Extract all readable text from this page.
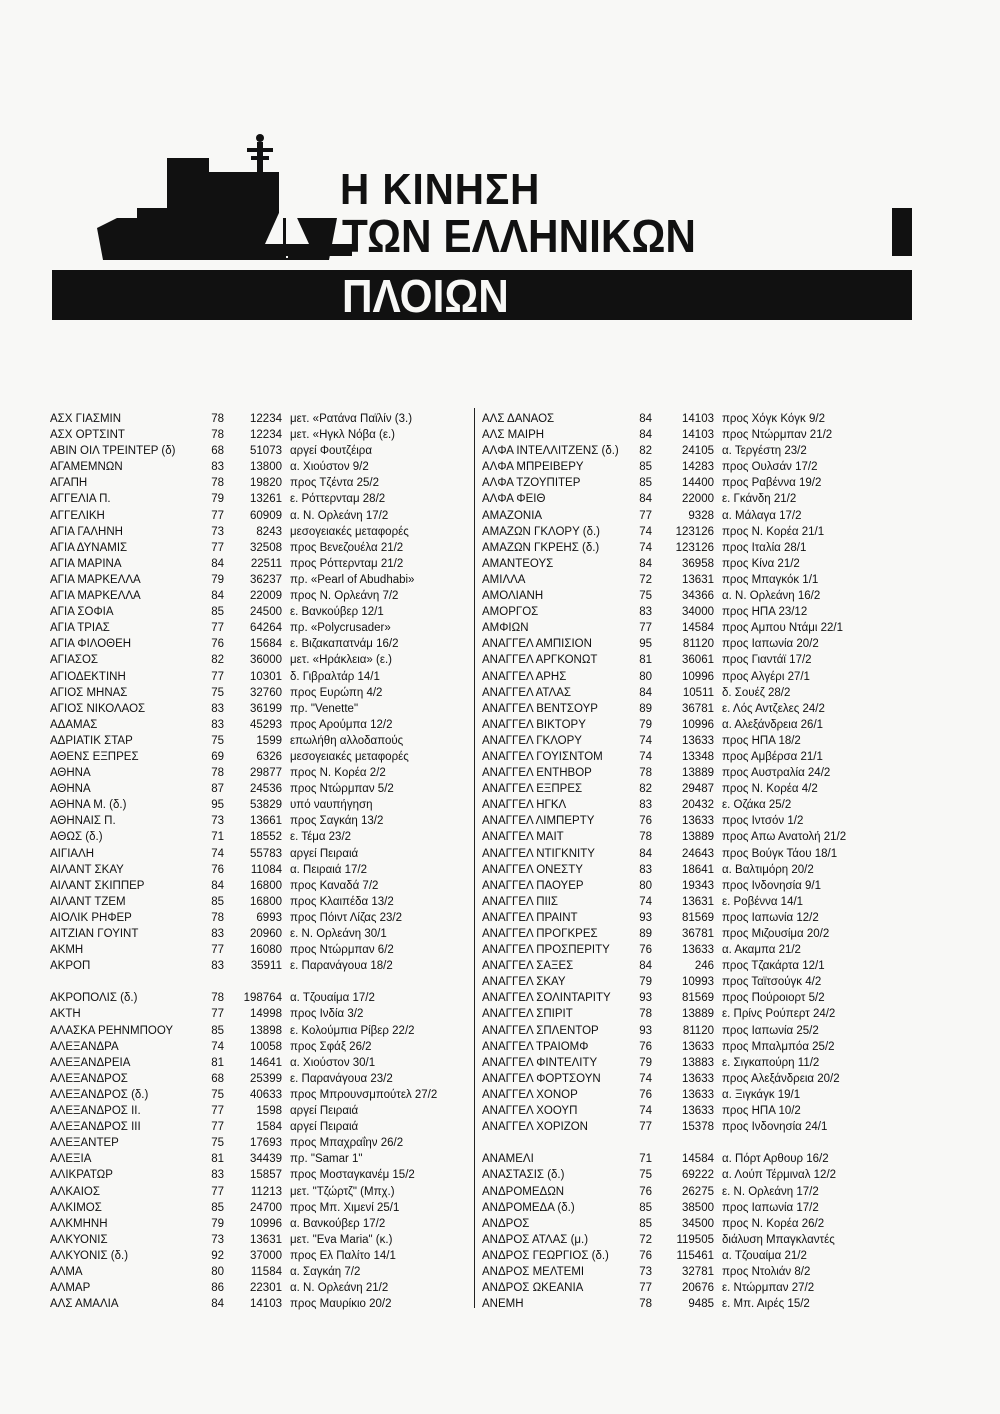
Η ΚΙΝΗΣΗ
ΤΩΝ ΕΛΛΗΝΙΚΩΝ
ΠΛΟΙΩΝ
ΑΣΧ ΓΙΑΣΜΙΝ	78	12234 μετ. «Ρατάνα Παϊλίν (3.)
ΑΣΧ ΟΡΤΣΙΝΤ	78	12234 μετ. «Ηγκλ Νόβα (ε.)
ΑΒΙΝ ΟΙΛ ΤΡΕΙΝΤΕΡ (δ)	68	51073 αργεί Φουτζέιρα
ΑΓΑΜΕΜΝΩΝ	83	13800 α. Χιούστον 9/2
ΑΓΑΠΗ	78	19820 προς Τζέντα 25/2
ΑΓΓΕΛΙΑ Π.	79	13261 ε. Ρόττερνταμ 28/2
ΑΓΓΕΛΙΚΗ	77	60909 α. Ν. Ορλεάνη 17/2
ΑΓΙΑ ΓΑΛΗΝΗ	73	8243 μεσογειακές μεταφορές
ΑΓΙΑ ΔΥΝΑΜΙΣ	77	32508 προς Βενεζουέλα 21/2
ΑΓΙΑ ΜΑΡΙΝΑ	84	22511 προς Ρόττερνταμ 21/2
ΑΓΙΑ ΜΑΡΚΕΛΛΑ	79	36237 πρ. «Pearl of Abudhabi»
ΑΓΙΑ ΜΑΡΚΕΛΛΑ	84	22009 προς Ν. Ορλεάνη 7/2
ΑΓΙΑ ΣΟΦΙΑ	85	24500 ε. Βανκούβερ 12/1
ΑΓΙΑ ΤΡΙΑΣ	77	64264 πρ. «Polycrusader»
ΑΓΙΑ ΦΙΛΟΘΕΗ	76	15684 ε. Βιζακαπατνάμ 16/2
ΑΓΙΑΣΟΣ	82	36000 μετ. «Ηράκλεια» (ε.)
ΑΓΙΟΔΕΚΤΙΝΗ	77	10301 δ. Γιβραλτάρ 14/1
ΑΓΙΟΣ ΜΗΝΑΣ	75	32760 προς Ευρώπη 4/2
ΑΓΙΟΣ ΝΙΚΟΛΑΟΣ	83	36199 πρ. "Venette"
ΑΔΑΜΑΣ	83	45293 προς Αρούμπα 12/2
ΑΔΡΙΑΤΙΚ ΣΤΑΡ	75	1599 επωλήθη αλλοδαπούς
ΑΘΕΝΣ ΕΞΠΡΕΣ	69	6326 μεσογειακές μεταφορές
ΑΘΗΝΑ	78	29877 προς Ν. Κορέα 2/2
ΑΘΗΝΑ	87	24536 προς Ντώρμπαν 5/2
ΑΘΗΝΑ Μ. (δ.)	95	53829 υπό ναυπήγηση
ΑΘΗΝΑΙΣ Π.	73	13661 προς Σαγκάη 13/2
ΑΘΩΣ (δ.)	71	18552 ε. Τέμα 23/2
ΑΙΓΙΑΛΗ	74	55783 αργεί Πειραιά
ΑΙΛΑΝΤ ΣΚΑΥ	76	11084 α. Πειραιά 17/2
ΑΙΛΑΝΤ ΣΚΙΠΠΕΡ	84	16800 προς Καναδά 7/2
ΑΙΛΑΝΤ ΤΖΕΜ	85	16800 προς Κλαιπέδα 13/2
ΑΙΟΛΙΚ ΡΗΦΕΡ	78	6993 προς Πόιντ Λίζας 23/2
ΑΙΤΖΙΑΝ ΓΟΥΙΝΤ	83	20960 ε. Ν. Ορλεάνη 30/1
ΑΚΜΗ	77	16080 προς Ντώρμπαν 6/2
ΑΚΡΟΠ	83	35911 ε. Παρανάγουα 18/2
ΑΚΡΟΠΟΛΙΣ (δ.)	78	198764 α. Τζουαίμα 17/2
ΑΚΤΗ	77	14998 προς Ινδία 3/2
ΑΛΑΣΚΑ ΡΕΗΝΜΠΟΟΥ	85	13898 ε. Κολούμπια Ρίβερ 22/2
ΑΛΕΞΑΝΔΡΑ	74	10058 προς Σφάξ 26/2
ΑΛΕΞΑΝΔΡΕΙΑ	81	14641 α. Χιούστον 30/1
ΑΛΕΞΑΝΔΡΟΣ	68	25399 ε. Παρανάγουα 23/2
ΑΛΕΞΑΝΔΡΟΣ (δ.)	75	40633 προς Μπρουνσμπούτελ 27/2
ΑΛΕΞΑΝΔΡΟΣ ΙΙ.	77	1598 αργεί Πειραιά
ΑΛΕΞΑΝΔΡΟΣ ΙΙΙ	77	1584 αργεί Πειραιά
ΑΛΕΞΑΝΤΕΡ	75	17693 προς Μπαχραΐην 26/2
ΑΛΕΞΙΑ	81	34439 πρ. "Samar 1"
ΑΛΙΚΡΑΤΩΡ	83	15857 προς Μοσταγκανέμ 15/2
ΑΛΚΑΙΟΣ	77	11213 μετ. "Τζώρτζ" (Μπχ.)
ΑΛΚΙΜΟΣ	85	24700 προς Μπ. Χιμενί 25/1
ΑΛΚΜΗΝΗ	79	10996 α. Βανκούβερ 17/2
ΑΛΚΥΟΝΙΣ	73	13631 μετ. "Eva Maria" (κ.)
ΑΛΚΥΟΝΙΣ (δ.)	92	37000 προς Ελ Παλίτο 14/1
ΑΛΜΑ	80	11584 α. Σαγκάη 7/2
ΑΛΜΑΡ	86	22301 α. Ν. Ορλεάνη 21/2
ΑΛΣ ΑΜΑΛΙΑ	84	14103 προς Μαυρίκιο 20/2
ΑΛΣ ΔΑΝΑΟΣ	84	14103 προς Χόγκ Κόγκ 9/2
ΑΛΣ ΜΑΙΡΗ	84	14103 προς Ντώρμπαν 21/2
ΑΛΦΑ ΙΝΤΕΛΛΙΤΖΕΝΣ (δ.)	82	24105 α. Τεργέστη 23/2
ΑΛΦΑ ΜΠΡΕΙΒΕΡΥ	85	14283 προς Ουλσάν 17/2
ΑΛΦΑ ΤΖΟΥΠΙΤΕΡ	85	14400 προς Ραβέννα 19/2
ΑΛΦΑ ΦΕΙΘ	84	22000 ε. Γκάνδη 21/2
ΑΜΑΖΟΝΙΑ	77	9328 α. Μάλαγα 17/2
ΑΜΑΖΩΝ ΓΚΛΟΡΥ (δ.)	74	123126 προς Ν. Κορέα 21/1
ΑΜΑΖΩΝ ΓΚΡΕΗΣ (δ.)	74	123126 προς Ιταλία 28/1
ΑΜΑΝΤΕΟΥΣ	84	36958 προς Κίνα 21/2
ΑΜΙΛΛΑ	72	13631 προς Μπαγκόκ 1/1
ΑΜΟΛΙΑΝΗ	75	34366 α. Ν. Ορλεάνη 16/2
ΑΜΟΡΓΟΣ	83	34000 προς ΗΠΑ 23/12
ΑΜΦΙΩΝ	77	14584 προς Αμπου Ντάμι 22/1
ΑΝΑΓΓΕΛ ΑΜΠΙΣΙΟΝ	95	81120 προς Ιαπωνία 20/2
ΑΝΑΓΓΕΛ ΑΡΓΚΟΝΩΤ	81	36061 προς Γιαντάϊ 17/2
ΑΝΑΓΓΕΛ ΑΡΗΣ	80	10996 προς Αλγέρι 27/1
ΑΝΑΓΓΕΛ ΑΤΛΑΣ	84	10511 δ. Σουέζ 28/2
ΑΝΑΓΓΕΛ ΒΕΝΤΣΟΥΡ	89	36781 ε. Λός Αντζελες 24/2
ΑΝΑΓΓΕΛ ΒΙΚΤΟΡΥ	79	10996 α. Αλεξάνδρεια 26/1
ΑΝΑΓΓΕΛ ΓΚΛΟΡΥ	74	13633 προς ΗΠΑ 18/2
ΑΝΑΓΓΕΛ ΓΟΥΙΣΝΤΟΜ	74	13348 προς Αμβέρσα 21/1
ΑΝΑΓΓΕΛ ΕΝΤΗΒΟΡ	78	13889 προς Αυστραλία 24/2
ΑΝΑΓΓΕΛ ΕΞΠΡΕΣ	82	29487 προς Ν. Κορέα 4/2
ΑΝΑΓΓΕΛ ΗΓΚΛ	83	20432 ε. Οζάκα 25/2
ΑΝΑΓΓΕΛ ΛΙΜΠΕΡΤΥ	76	13633 προς Ιντσόν 1/2
ΑΝΑΓΓΕΛ ΜΑΙΤ	78	13889 προς Απω Ανατολή 21/2
ΑΝΑΓΓΕΛ ΝΤΙΓΚΝΙΤΥ	84	24643 προς Βούγκ Τάου 18/1
ΑΝΑΓΓΕΛ ΟΝΕΣΤΥ	83	18641 α. Βαλτιμόρη 20/2
ΑΝΑΓΓΕΛ ΠΑΟΥΕΡ	80	19343 προς Ινδονησία 9/1
ΑΝΑΓΓΕΛ ΠΙΙΣ	74	13631 ε. Ροβέννα 14/1
ΑΝΑΓΓΕΛ ΠΡΑΙΝΤ	93	81569 προς Ιαπωνία 12/2
ΑΝΑΓΓΕΛ ΠΡΟΓΚΡΕΣ	89	36781 προς Μιζουσίμα 20/2
ΑΝΑΓΓΕΛ ΠΡΟΣΠΕΡΙΤΥ	76	13633 α. Ακαμπα 21/2
ΑΝΑΓΓΕΛ ΣΑΞΕΣ	84	246 προς Τζακάρτα 12/1
ΑΝΑΓΓΕΛ ΣΚΑΥ	79	10993 προς Ταϊτσούγκ 4/2
ΑΝΑΓΓΕΛ ΣΟΛΙΝΤΑΡΙΤΥ	93	81569 προς Πούροιορτ 5/2
ΑΝΑΓΓΕΛ ΣΠΙΡΙΤ	78	13889 ε. Πρίνς Ρούπερτ 24/2
ΑΝΑΓΓΕΛ ΣΠΛΕΝΤΟΡ	93	81120 προς Ιαπωνία 25/2
ΑΝΑΓΓΕΛ ΤΡΑΙΟΜΦ	76	13633 προς Μπαλμπόα 25/2
ΑΝΑΓΓΕΛ ΦΙΝΤΕΛΙΤΥ	79	13883 ε. Σιγκαπούρη 11/2
ΑΝΑΓΓΕΛ ΦΟΡΤΣΟΥΝ	74	13633 προς Αλεξάνδρεια 20/2
ΑΝΑΓΓΕΛ ΧΟΝΟΡ	76	13633 α. Ξιγκάγκ 19/1
ΑΝΑΓΓΕΛ ΧΟΟΥΠ	74	13633 προς ΗΠΑ 10/2
ΑΝΑΓΓΕΛ ΧΟΡΙΖΟΝ	77	15378 προς Ινδονησία 24/1
ΑΝΑΜΕΛΙ	71	14584 α. Πόρτ Αρθουρ 16/2
ΑΝΑΣΤΑΣΙΣ (δ.)	75	69222 α. Λούπ Τέρμιναλ 12/2
ΑΝΔΡΟΜΕΔΩΝ	76	26275 ε. Ν. Ορλεάνη 17/2
ΑΝΔΡΟΜΕΔΑ (δ.)	85	38500 προς Ιαπωνία 17/2
ΑΝΔΡΟΣ	85	34500 προς Ν. Κορέα 26/2
ΑΝΔΡΟΣ ΑΤΛΑΣ (μ.)	72	119505 διάλυση Μπαγκλαντές
ΑΝΔΡΟΣ ΓΕΩΡΓΙΟΣ (δ.)	76	115461 α. Τζουαίμα 21/2
ΑΝΔΡΟΣ ΜΕΛΤΕΜΙ	73	32781 προς Ντολιάν 8/2
ΑΝΔΡΟΣ ΩΚΕΑΝΙΑ	77	20676 ε. Ντώρμπαν 27/2
ΑΝΕΜΗ	78	9485 ε. Μπ. Αιρές 15/2
